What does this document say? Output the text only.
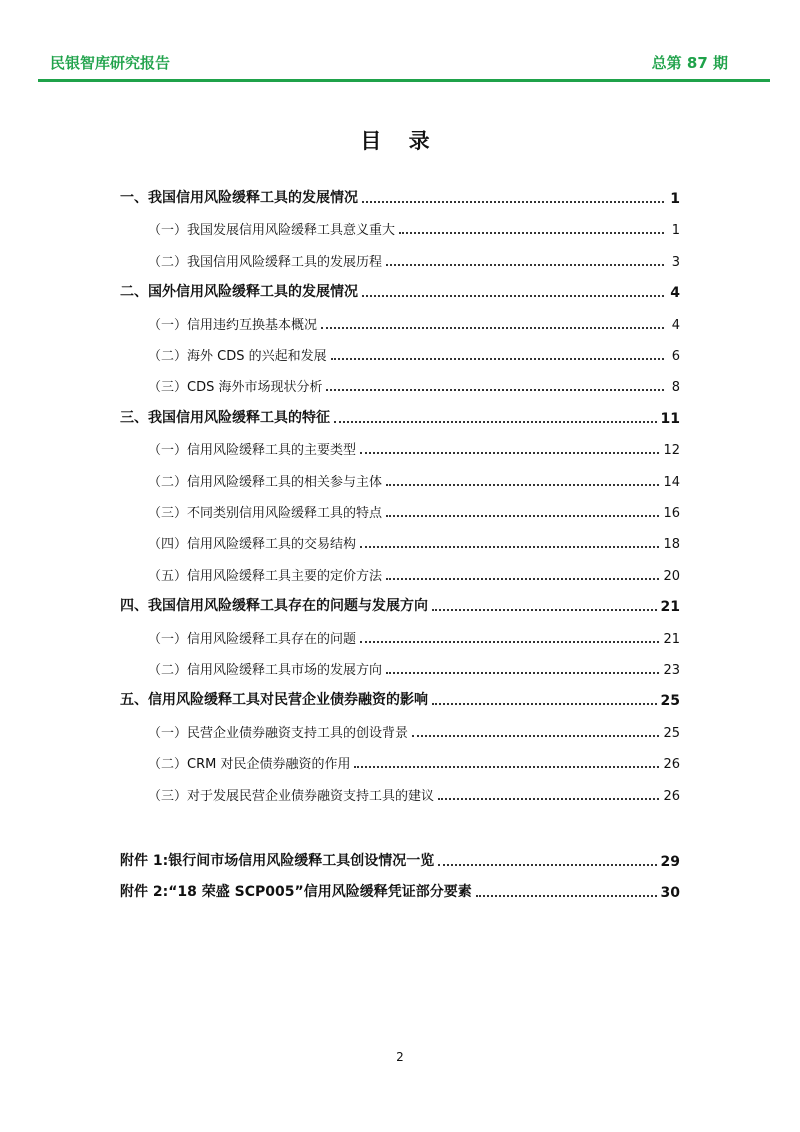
民银智库研究报告	总第 87 期
目 录
一、我国信用风险缓释工具的发展情况	1
（一）我国发展信用风险缓释工具意义重大	1
（二）我国信用风险缓释工具的发展历程	3
二、国外信用风险缓释工具的发展情况	4
（一）信用违约互换基本概况	4
（二）海外 CDS 的兴起和发展	6
（三）CDS 海外市场现状分析	8
三、我国信用风险缓释工具的特征	11
（一）信用风险缓释工具的主要类型	12
（二）信用风险缓释工具的相关参与主体	14
（三）不同类别信用风险缓释工具的特点	16
（四）信用风险缓释工具的交易结构	18
（五）信用风险缓释工具主要的定价方法	20
四、我国信用风险缓释工具存在的问题与发展方向	21
（一）信用风险缓释工具存在的问题	21
（二）信用风险缓释工具市场的发展方向	23
五、信用风险缓释工具对民营企业债券融资的影响	25
（一）民营企业债券融资支持工具的创设背景	25
（二）CRM 对民企债券融资的作用	26
（三）对于发展民营企业债券融资支持工具的建议	26
附件 1:银行间市场信用风险缓释工具创设情况一览	29
附件 2:“18 荣盛 SCP005”信用风险缓释凭证部分要素	30
2
